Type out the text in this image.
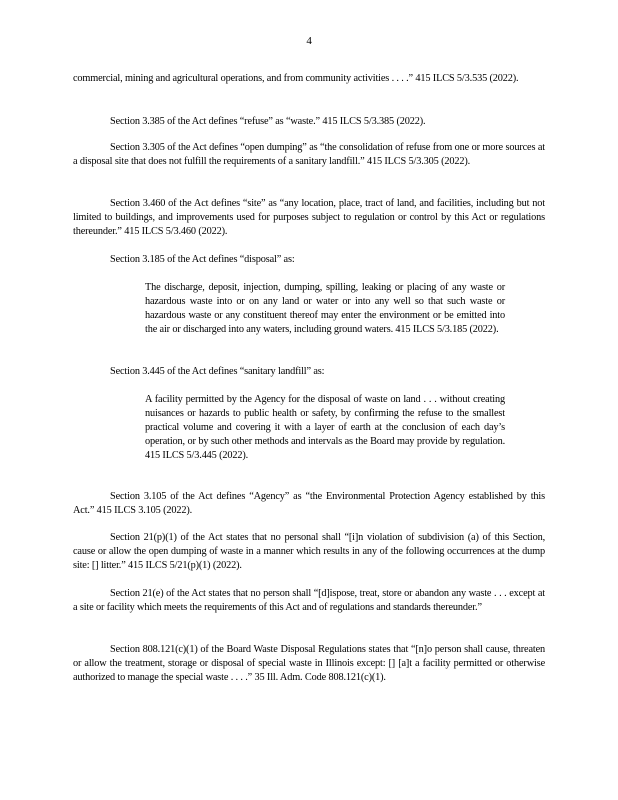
4
commercial, mining and agricultural operations, and from community activities . . . .” 415 ILCS 5/3.535 (2022).
Section 3.385 of the Act defines “refuse” as “waste.” 415 ILCS 5/3.385 (2022).
Section 3.305 of the Act defines “open dumping” as “the consolidation of refuse from one or more sources at a disposal site that does not fulfill the requirements of a sanitary landfill.” 415 ILCS 5/3.305 (2022).
Section 3.460 of the Act defines “site” as “any location, place, tract of land, and facilities, including but not limited to buildings, and improvements used for purposes subject to regulation or control by this Act or regulations thereunder.” 415 ILCS 5/3.460 (2022).
Section 3.185 of the Act defines “disposal” as:
The discharge, deposit, injection, dumping, spilling, leaking or placing of any waste or hazardous waste into or on any land or water or into any well so that such waste or hazardous waste or any constituent thereof may enter the environment or be emitted into the air or discharged into any waters, including ground waters. 415 ILCS 5/3.185 (2022).
Section 3.445 of the Act defines “sanitary landfill” as:
A facility permitted by the Agency for the disposal of waste on land . . . without creating nuisances or hazards to public health or safety, by confirming the refuse to the smallest practical volume and covering it with a layer of earth at the conclusion of each day’s operation, or by such other methods and intervals as the Board may provide by regulation. 415 ILCS 5/3.445 (2022).
Section 3.105 of the Act defines “Agency” as “the Environmental Protection Agency established by this Act.” 415 ILCS 3.105 (2022).
Section 21(p)(1) of the Act states that no personal shall “[i]n violation of subdivision (a) of this Section, cause or allow the open dumping of waste in a manner which results in any of the following occurrences at the dump site: [] litter.” 415 ILCS 5/21(p)(1) (2022).
Section 21(e) of the Act states that no person shall “[d]ispose, treat, store or abandon any waste . . . except at a site or facility which meets the requirements of this Act and of regulations and standards thereunder.”
Section 808.121(c)(1) of the Board Waste Disposal Regulations states that “[n]o person shall cause, threaten or allow the treatment, storage or disposal of special waste in Illinois except: [] [a]t a facility permitted or otherwise authorized to manage the special waste . . . .” 35 Ill. Adm. Code 808.121(c)(1).
